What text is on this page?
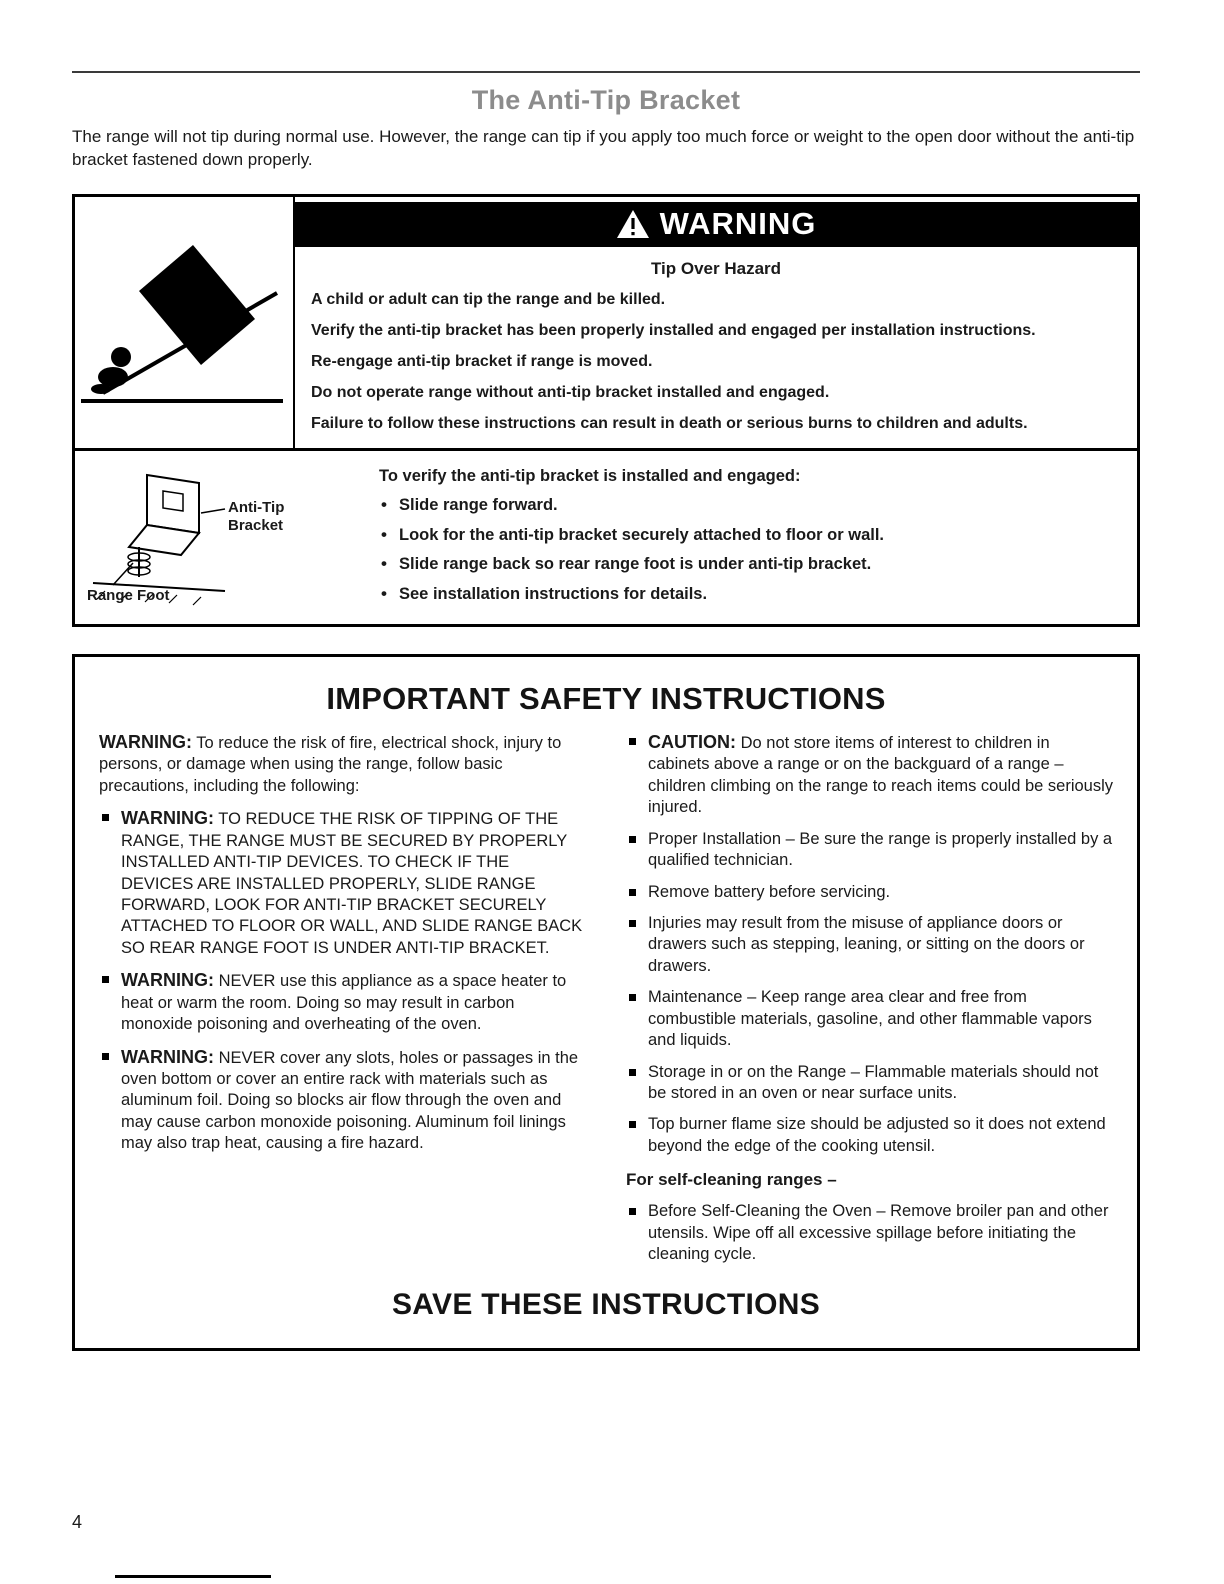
The Anti-Tip Bracket

The range will not tip during normal use. However, the range can tip if you apply too much force or weight to the open door without the anti-tip bracket fastened down properly.

WARNING
Tip Over Hazard

A child or adult can tip the range and be killed.

Verify the anti-tip bracket has been properly installed and engaged per installation instructions.

Re-engage anti-tip bracket if range is moved.

Do not operate range without anti-tip bracket installed and engaged.

Failure to follow these instructions can result in death or serious burns to children and adults.

Anti-Tip Bracket
Range Foot

To verify the anti-tip bracket is installed and engaged:

• Slide range forward.
• Look for the anti-tip bracket securely attached to floor or wall.
• Slide range back so rear range foot is under anti-tip bracket.
• See installation instructions for details.
IMPORTANT SAFETY INSTRUCTIONS
WARNING: To reduce the risk of fire, electrical shock, injury to persons, or damage when using the range, follow basic precautions, including the following:
WARNING: TO REDUCE THE RISK OF TIPPING OF THE RANGE, THE RANGE MUST BE SECURED BY PROPERLY INSTALLED ANTI-TIP DEVICES. TO CHECK IF THE DEVICES ARE INSTALLED PROPERLY, SLIDE RANGE FORWARD, LOOK FOR ANTI-TIP BRACKET SECURELY ATTACHED TO FLOOR OR WALL, AND SLIDE RANGE BACK SO REAR RANGE FOOT IS UNDER ANTI-TIP BRACKET.
WARNING: NEVER use this appliance as a space heater to heat or warm the room. Doing so may result in carbon monoxide poisoning and overheating of the oven.
WARNING: NEVER cover any slots, holes or passages in the oven bottom or cover an entire rack with materials such as aluminum foil. Doing so blocks air flow through the oven and may cause carbon monoxide poisoning. Aluminum foil linings may also trap heat, causing a fire hazard.
CAUTION: Do not store items of interest to children in cabinets above a range or on the backguard of a range – children climbing on the range to reach items could be seriously injured.
Proper Installation – Be sure the range is properly installed by a qualified technician.
Remove battery before servicing.
Injuries may result from the misuse of appliance doors or drawers such as stepping, leaning, or sitting on the doors or drawers.
Maintenance – Keep range area clear and free from combustible materials, gasoline, and other flammable vapors and liquids.
Storage in or on the Range – Flammable materials should not be stored in an oven or near surface units.
Top burner flame size should be adjusted so it does not extend beyond the edge of the cooking utensil.
For self-cleaning ranges –
Before Self-Cleaning the Oven – Remove broiler pan and other utensils. Wipe off all excessive spillage before initiating the cleaning cycle.
SAVE THESE INSTRUCTIONS
4
